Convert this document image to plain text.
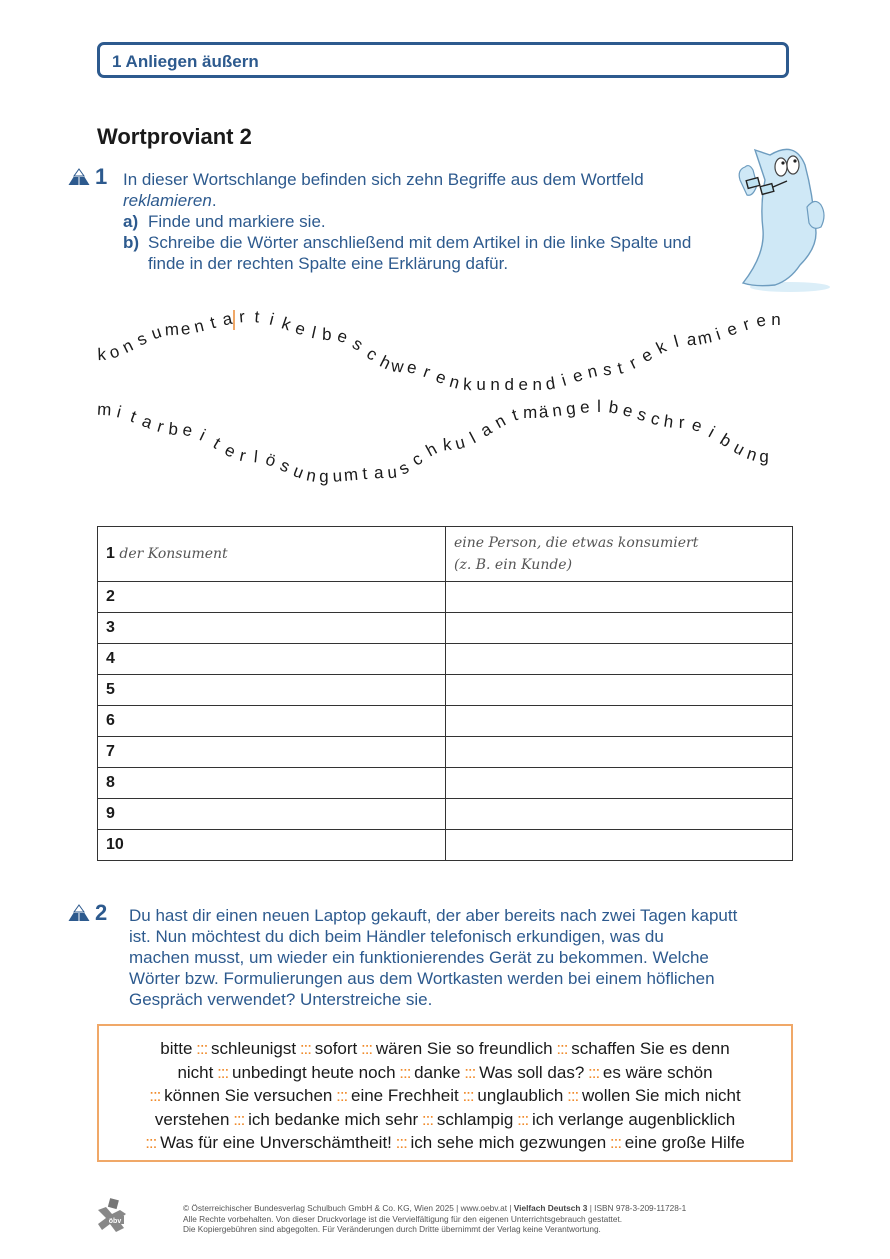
1 Anliegen äußern
Wortproviant 2
1 In dieser Wortschlange befinden sich zehn Begriffe aus dem Wortfeld
reklamieren.
a) Finde und markiere sie.
b) Schreibe die Wörter anschließend mit dem Artikel in die linke Spalte und
finde in der rechten Spalte eine Erklärung dafür.
k o
n
s u m e n t a r t i k e l b e s
c
h
w e r e
n k u n d e n d i e n s t r
e
k l a m i e r e n
m i t a r b e i t
e r l ö
s
u
n g u m t a u
s
c
h k u l
a
n t m ä n g e l b e s c h r e i
b
u
n g
1 der Konsument	eine Person, die etwas konsumiert
(z. B. ein Kunde)

2	

3	

4	

5	

6	

7	

8	

9	

10	
2 Du hast dir einen neuen Laptop gekauft, der aber bereits nach zwei Tagen kaputt
ist. Nun möchtest du dich beim Händler telefonisch erkundigen, was du
machen musst, um wieder ein funktionierendes Gerät zu bekommen. Welche
Wörter bzw. Formulierungen aus dem Wortkasten werden bei einem höflichen
Gespräch verwendet? Unterstreiche sie.
bitte ::: schleunigst ::: sofort ::: wären Sie so freundlich ::: schaffen Sie es denn
nicht ::: unbedingt heute noch ::: danke ::: Was soll das? ::: es wäre schön
::: können Sie versuchen ::: eine Frechheit ::: unglaublich ::: wollen Sie mich nicht
verstehen ::: ich bedanke mich sehr ::: schlampig ::: ich verlange augenblicklich
::: Was für eine Unverschämtheit! ::: ich sehe mich gezwungen ::: eine große Hilfe
öbv
© Österreichischer Bundesverlag Schulbuch GmbH & Co. KG, Wien 2025 | www.oebv.at | Vielfach Deutsch 3 | ISBN 978-3-209-11728-1
Alle Rechte vorbehalten. Von dieser Druckvorlage ist die Vervielfältigung für den eigenen Unterrichtsgebrauch gestattet.
Die Kopiergebühren sind abgegolten. Für Veränderungen durch Dritte übernimmt der Verlag keine Verantwortung.
